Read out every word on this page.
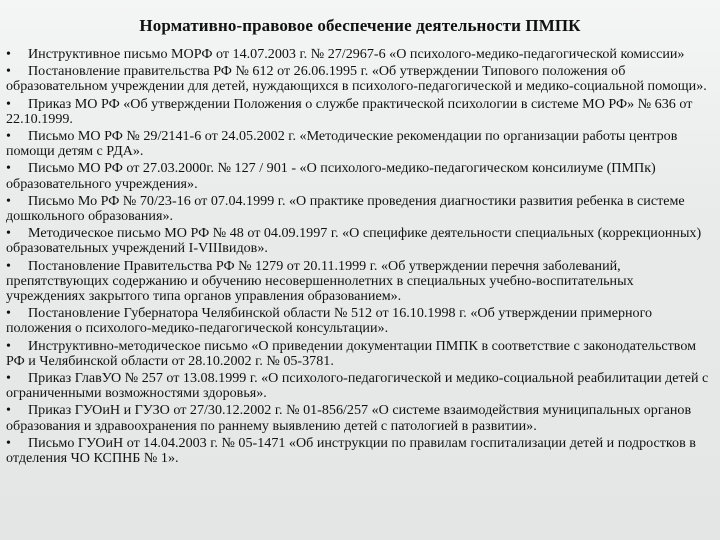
Нормативно-правовое обеспечение деятельности ПМПК
• Инструктивное письмо МОРФ от 14.07.2003 г. № 27/2967-6 «О психолого-медико-педагогической комиссии»
• Постановление правительства РФ № 612 от 26.06.1995 г. «Об утверждении Типового положения об образовательном учреждении для детей, нуждающихся в психолого-педагогической и медико-социальной помощи».
• Приказ МО РФ «Об утверждении Положения о службе практической психологии в системе МО РФ» № 636 от 22.10.1999.
• Письмо МО РФ № 29/2141-6 от 24.05.2002 г. «Методические рекомендации по организации работы центров помощи детям с РДА».
• Письмо МО РФ от 27.03.2000г. № 127 / 901 - «О психолого-медико-педагогическом консилиуме (ПМПк) образовательного учреждения».
• Письмо Мо РФ № 70/23-16 от 07.04.1999 г. «О практике проведения диагностики развития ребенка в системе дошкольного образования».
• Методическое письмо МО РФ № 48 от 04.09.1997 г. «О специфике деятельности специальных (коррекционных) образовательных учреждений I-VIIIвидов».
• Постановление Правительства РФ № 1279 от 20.11.1999 г. «Об утверждении перечня заболеваний, препятствующих содержанию и обучению несовершеннолетних в специальных учебно-воспитательных учреждениях закрытого типа органов управления образованием».
• Постановление Губернатора Челябинской области № 512 от 16.10.1998 г. «Об утверждении примерного положения о психолого-медико-педагогической консультации».
• Инструктивно-методическое письмо «О приведении документации ПМПК в соответствие с законодательством РФ и Челябинской области от 28.10.2002 г. № 05-3781.
• Приказ ГлавУО № 257 от 13.08.1999 г. «О психолого-педагогической и медико-социальной реабилитации детей с ограниченными возможностями здоровья».
• Приказ ГУОиН и ГУЗО от 27/30.12.2002 г. № 01-856/257 «О системе взаимодействия муниципальных органов образования и здравоохранения по раннему выявлению детей с патологией в развитии».
• Письмо ГУОиН от 14.04.2003 г. № 05-1471 «Об инструкции по правилам госпитализации детей и подростков в отделения ЧО КСПНБ № 1».
